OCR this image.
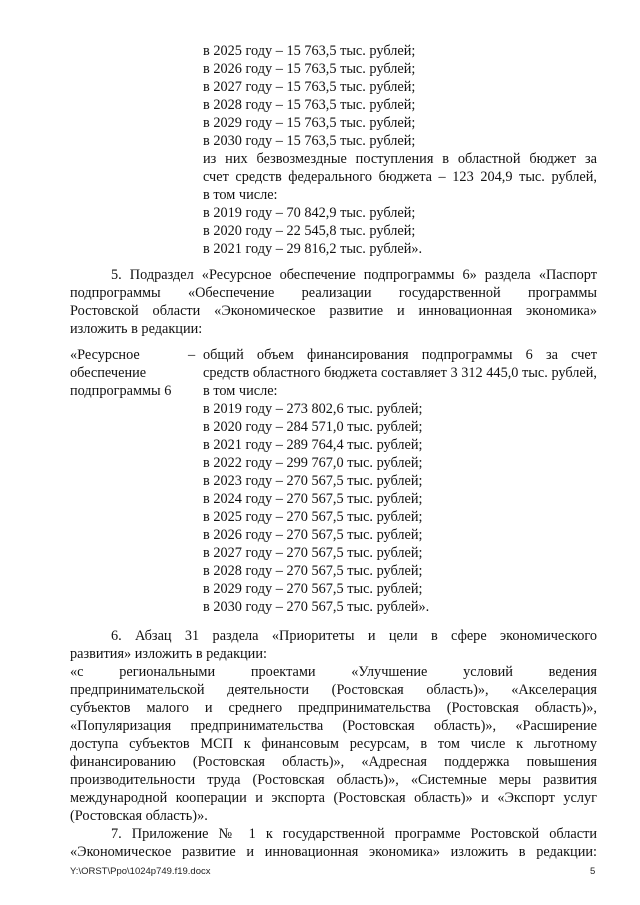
в 2025 году – 15 763,5 тыс. рублей;
в 2026 году – 15 763,5 тыс. рублей;
в 2027 году – 15 763,5 тыс. рублей;
в 2028 году – 15 763,5 тыс. рублей;
в 2029 году – 15 763,5 тыс. рублей;
в 2030 году – 15 763,5 тыс. рублей;
из них безвозмездные поступления в областной бюджет за
счет средств федерального бюджета – 123 204,9 тыс. рублей,
в том числе:
в 2019 году – 70 842,9 тыс. рублей;
в 2020 году – 22 545,8 тыс. рублей;
в 2021 году – 29 816,2 тыс. рублей».
5. Подраздел «Ресурсное обеспечение подпрограммы 6» раздела «Паспорт
подпрограммы «Обеспечение реализации государственной программы
Ростовской области «Экономическое развитие и инновационная экономика»
изложить в редакции:
«Ресурсное
обеспечение
подпрограммы 6
– общий объем финансирования подпрограммы 6 за счет
средств областного бюджета составляет 3 312 445,0 тыс. рублей,
в том числе:
в 2019 году – 273 802,6 тыс. рублей;
в 2020 году – 284 571,0 тыс. рублей;
в 2021 году – 289 764,4 тыс. рублей;
в 2022 году – 299 767,0 тыс. рублей;
в 2023 году – 270 567,5 тыс. рублей;
в 2024 году – 270 567,5 тыс. рублей;
в 2025 году – 270 567,5 тыс. рублей;
в 2026 году – 270 567,5 тыс. рублей;
в 2027 году – 270 567,5 тыс. рублей;
в 2028 году – 270 567,5 тыс. рублей;
в 2029 году – 270 567,5 тыс. рублей;
в 2030 году – 270 567,5 тыс. рублей».
6. Абзац 31 раздела «Приоритеты и цели в сфере экономического
развития» изложить в редакции:
«с региональными проектами «Улучшение условий ведения
предпринимательской деятельности (Ростовская область)», «Акселерация
субъектов малого и среднего предпринимательства (Ростовская область)»,
«Популяризация предпринимательства (Ростовская область)», «Расширение
доступа субъектов МСП к финансовым ресурсам, в том числе к льготному
финансированию (Ростовская область)», «Адресная поддержка повышения
производительности труда (Ростовская область)», «Системные меры развития
международной кооперации и экспорта (Ростовская область)» и «Экспорт услуг
(Ростовская область)».
7. Приложение № 1 к государственной программе Ростовской области
«Экономическое развитие и инновационная экономика» изложить в редакции:
Y:\ORST\Ppo\1024p749.f19.docx	5
